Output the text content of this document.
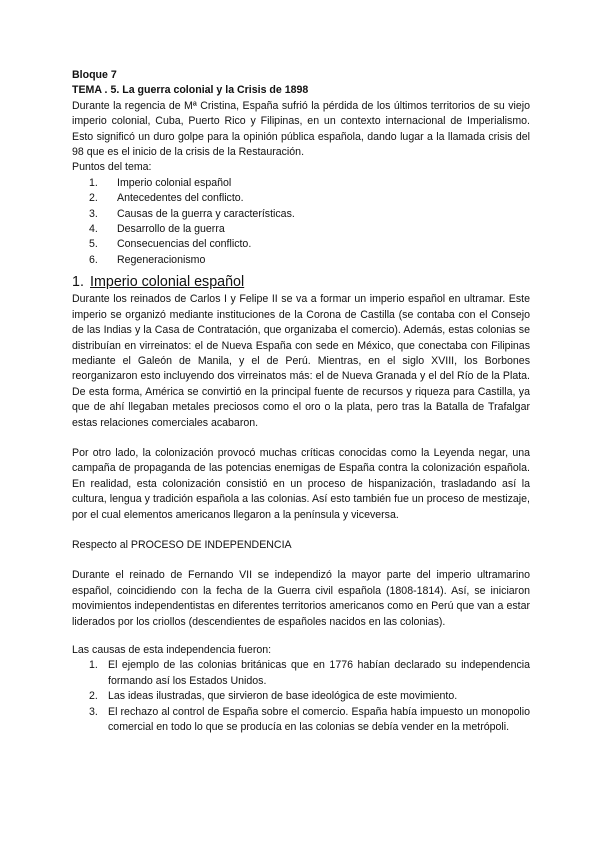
Bloque 7
TEMA . 5. La guerra colonial y la Crisis de 1898

Durante la regencia de Mª Cristina, España sufrió la pérdida de los últimos territorios de su viejo imperio colonial, Cuba, Puerto Rico y Filipinas, en un contexto internacional de Imperialismo. Esto significó un duro golpe para la opinión pública española, dando lugar a la llamada crisis del 98 que es el inicio de la crisis de la Restauración.

Puntos del tema:
1. Imperio colonial español
2. Antecedentes del conflicto.
3. Causas de la guerra y características.
4. Desarrollo de la guerra
5. Consecuencias del conflicto.
6. Regeneracionismo
1. Imperio colonial español

Durante los reinados de Carlos I y Felipe II se va a formar un imperio español en ultramar. Este imperio se organizó mediante instituciones de la Corona de Castilla (se contaba con el Consejo de las Indias y la Casa de Contratación, que organizaba el comercio). Además, estas colonias se distribuían en virreinatos: el de Nueva España con sede en México, que conectaba con Filipinas mediante el Galeón de Manila, y el de Perú. Mientras, en el siglo XVIII, los Borbones reorganizaron esto incluyendo dos virreinatos más: el de Nueva Granada y el del Río de la Plata. De esta forma, América se convirtió en la principal fuente de recursos y riqueza para Castilla, ya que de ahí llegaban metales preciosos como el oro o la plata, pero tras la Batalla de Trafalgar estas relaciones comerciales acabaron.

Por otro lado, la colonización provocó muchas críticas conocidas como la Leyenda negar, una campaña de propaganda de las potencias enemigas de España contra la colonización española. En realidad, esta colonización consistió en un proceso de hispanización, trasladando así la cultura, lengua y tradición española a las colonias. Así esto también fue un proceso de mestizaje, por el cual elementos americanos llegaron a la península y viceversa.

Respecto al PROCESO DE INDEPENDENCIA

Durante el reinado de Fernando VII se independizó la mayor parte del imperio ultramarino español, coincidiendo con la fecha de la Guerra civil española (1808-1814). Así, se iniciaron movimientos independentistas en diferentes territorios americanos como en Perú que van a estar liderados por los criollos (descendientes de españoles nacidos en las colonias).

Las causas de esta independencia fueron:
1. El ejemplo de las colonias británicas que en 1776 habían declarado su independencia formando así los Estados Unidos.
2. Las ideas ilustradas, que sirvieron de base ideológica de este movimiento.
3. El rechazo al control de España sobre el comercio. España había impuesto un monopolio comercial en todo lo que se producía en las colonias se debía vender en la metrópoli.
